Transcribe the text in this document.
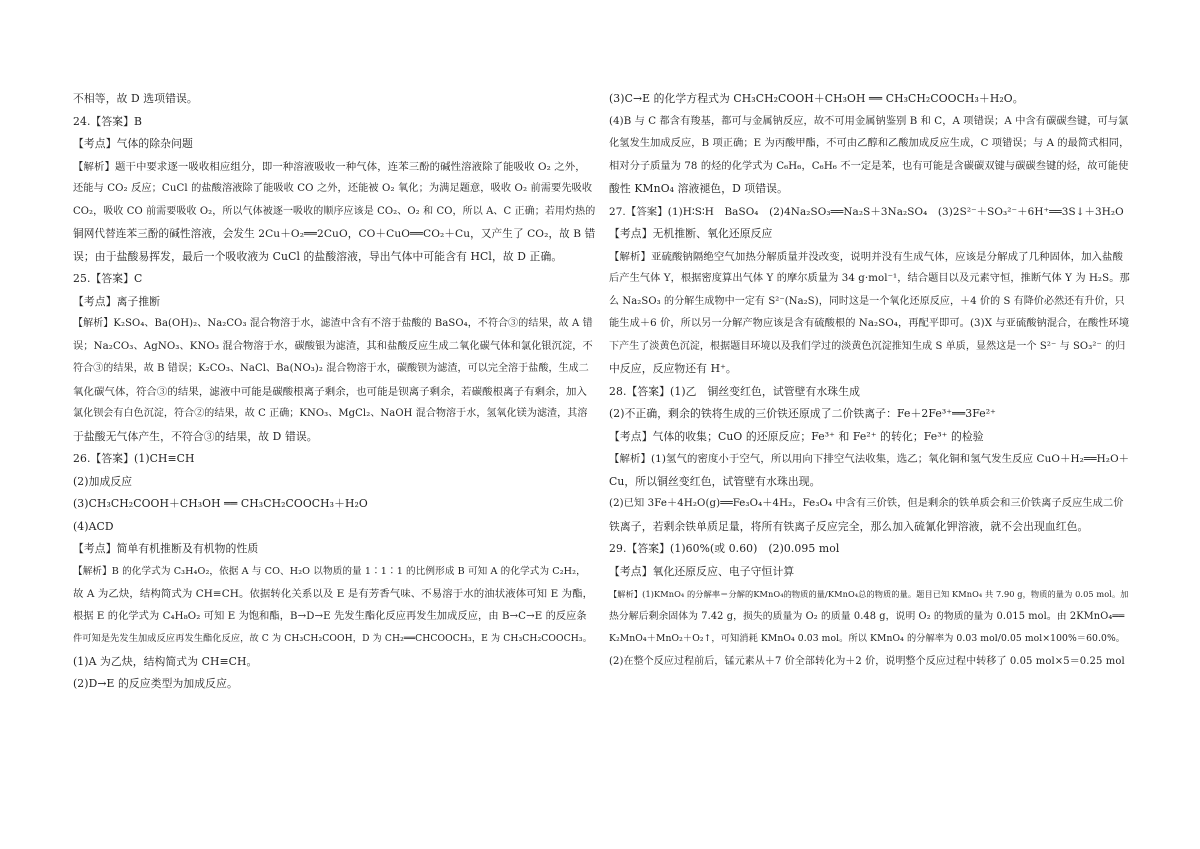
不相等，故 D 选项错误。
24.【答案】B
【考点】气体的除杂问题
【解析】题干中要求逐一吸收相应组分，即一种溶液吸收一种气体，连苯三酚的碱性溶液除了能吸收 O₂ 之外，
还能与 CO₂ 反应；CuCl 的盐酸溶液除了能吸收 CO 之外，还能被 O₂ 氧化；为满足题意，吸收 O₂ 前需要先吸收
CO₂，吸收 CO 前需要吸收 O₂，所以气体被逐一吸收的顺序应该是 CO₂、O₂ 和 CO，所以 A、C 正确；若用灼热的
铜网代替连苯三酚的碱性溶液，会发生 2Cu＋O₂══2CuO，CO＋CuO══CO₂＋Cu，又产生了 CO₂，故 B 错
误；由于盐酸易挥发，最后一个吸收液为 CuCl 的盐酸溶液，导出气体中可能含有 HCl，故 D 正确。
25.【答案】C
【考点】离子推断
【解析】K₂SO₄、Ba(OH)₂、Na₂CO₃ 混合物溶于水，滤渣中含有不溶于盐酸的 BaSO₄，不符合③的结果，故 A 错
误；Na₂CO₃、AgNO₃、KNO₃ 混合物溶于水，碳酸银为滤渣，其和盐酸反应生成二氧化碳气体和氯化银沉淀，不
符合③的结果，故 B 错误；K₂CO₃、NaCl、Ba(NO₃)₂ 混合物溶于水，碳酸钡为滤渣，可以完全溶于盐酸，生成二
氧化碳气体，符合③的结果，滤液中可能是碳酸根离子剩余，也可能是钡离子剩余，若碳酸根离子有剩余，加入
氯化钡会有白色沉淀，符合②的结果，故 C 正确；KNO₃、MgCl₂、NaOH 混合物溶于水，氢氧化镁为滤渣，其溶
于盐酸无气体产生，不符合③的结果，故 D 错误。
26.【答案】(1)CH≡CH
(2)加成反应
(3)CH₃CH₂COOH＋CH₃OH ══ CH₃CH₂COOCH₃＋H₂O
(4)ACD
【考点】简单有机推断及有机物的性质
【解析】B 的化学式为 C₃H₄O₂，依据 A 与 CO、H₂O 以物质的量 1∶1∶1 的比例形成 B 可知 A 的化学式为 C₂H₂，
故 A 为乙炔，结构简式为 CH≡CH。依据转化关系以及 E 是有芳香气味、不易溶于水的油状液体可知 E 为酯，
根据 E 的化学式为 C₄H₈O₂ 可知 E 为饱和酯，B→D→E 先发生酯化反应再发生加成反应，由 B→C→E 的反应条
件可知是先发生加成反应再发生酯化反应，故 C 为 CH₃CH₂COOH，D 为 CH₂══CHCOOCH₃，E 为 CH₃CH₂COOCH₃。
(1)A 为乙炔，结构简式为 CH≡CH。
(2)D→E 的反应类型为加成反应。
(3)C→E 的化学方程式为 CH₃CH₂COOH＋CH₃OH ══ CH₃CH₂COOCH₃＋H₂O。
(4)B 与 C 都含有羧基，都可与金属钠反应，故不可用金属钠鉴别 B 和 C，A 项错误；A 中含有碳碳叁键，可与氯
化氢发生加成反应，B 项正确；E 为丙酸甲酯，不可由乙醇和乙酸加成反应生成，C 项错误；与 A 的最简式相同，
相对分子质量为 78 的烃的化学式为 C₆H₆，C₆H₆ 不一定是苯，也有可能是含碳碳双键与碳碳叁键的烃，故可能使
酸性 KMnO₄ 溶液褪色，D 项错误。
27.【答案】(1)H∶S∶H　BaSO₄　(2)4Na₂SO₃══Na₂S＋3Na₂SO₄　(3)2S²⁻＋SO₃²⁻＋6H⁺══3S↓＋3H₂O
【考点】无机推断、氧化还原反应
【解析】亚硫酸钠隔绝空气加热分解质量并没改变，说明并没有生成气体，应该是分解成了几种固体，加入盐酸
后产生气体 Y，根据密度算出气体 Y 的摩尔质量为 34 g·mol⁻¹，结合题目以及元素守恒，推断气体 Y 为 H₂S。那
么 Na₂SO₃ 的分解生成物中一定有 S²⁻(Na₂S)，同时这是一个氧化还原反应，＋4 价的 S 有降价必然还有升价，只
能生成＋6 价，所以另一分解产物应该是含有硫酸根的 Na₂SO₄，再配平即可。(3)X 与亚硫酸钠混合，在酸性环境
下产生了淡黄色沉淀，根据题目环境以及我们学过的淡黄色沉淀推知生成 S 单质，显然这是一个 S²⁻ 与 SO₃²⁻ 的归
中反应，反应物还有 H⁺。
28.【答案】(1)乙　铜丝变红色，试管壁有水珠生成
(2)不正确，剩余的铁将生成的三价铁还原成了二价铁离子：Fe＋2Fe³⁺══3Fe²⁺
【考点】气体的收集；CuO 的还原反应；Fe³⁺ 和 Fe²⁺ 的转化；Fe³⁺ 的检验
【解析】(1)氢气的密度小于空气，所以用向下排空气法收集，选乙；氧化铜和氢气发生反应 CuO＋H₂══H₂O＋
Cu，所以铜丝变红色，试管壁有水珠出现。
(2)已知 3Fe＋4H₂O(g)══Fe₃O₄＋4H₂，Fe₃O₄ 中含有三价铁，但是剩余的铁单质会和三价铁离子反应生成二价
铁离子，若剩余铁单质足量，将所有铁离子反应完全，那么加入硫氰化钾溶液，就不会出现血红色。
29.【答案】(1)60%(或 0.60)　(2)0.095 mol
【考点】氧化还原反应、电子守恒计算
【解析】(1)KMnO₄ 的分解率＝分解的KMnO₄的物质的量/KMnO₄总的物质的量。题目已知 KMnO₄ 共 7.90 g，物质的量为 0.05 mol。加
热分解后剩余固体为 7.42 g，损失的质量为 O₂ 的质量 0.48 g，说明 O₂ 的物质的量为 0.015 mol。由 2KMnO₄══
K₂MnO₄＋MnO₂＋O₂↑，可知消耗 KMnO₄ 0.03 mol。所以 KMnO₄ 的分解率为 0.03 mol/0.05 mol×100%＝60.0%。
(2)在整个反应过程前后，锰元素从＋7 价全部转化为＋2 价，说明整个反应过程中转移了 0.05 mol×5＝0.25 mol
